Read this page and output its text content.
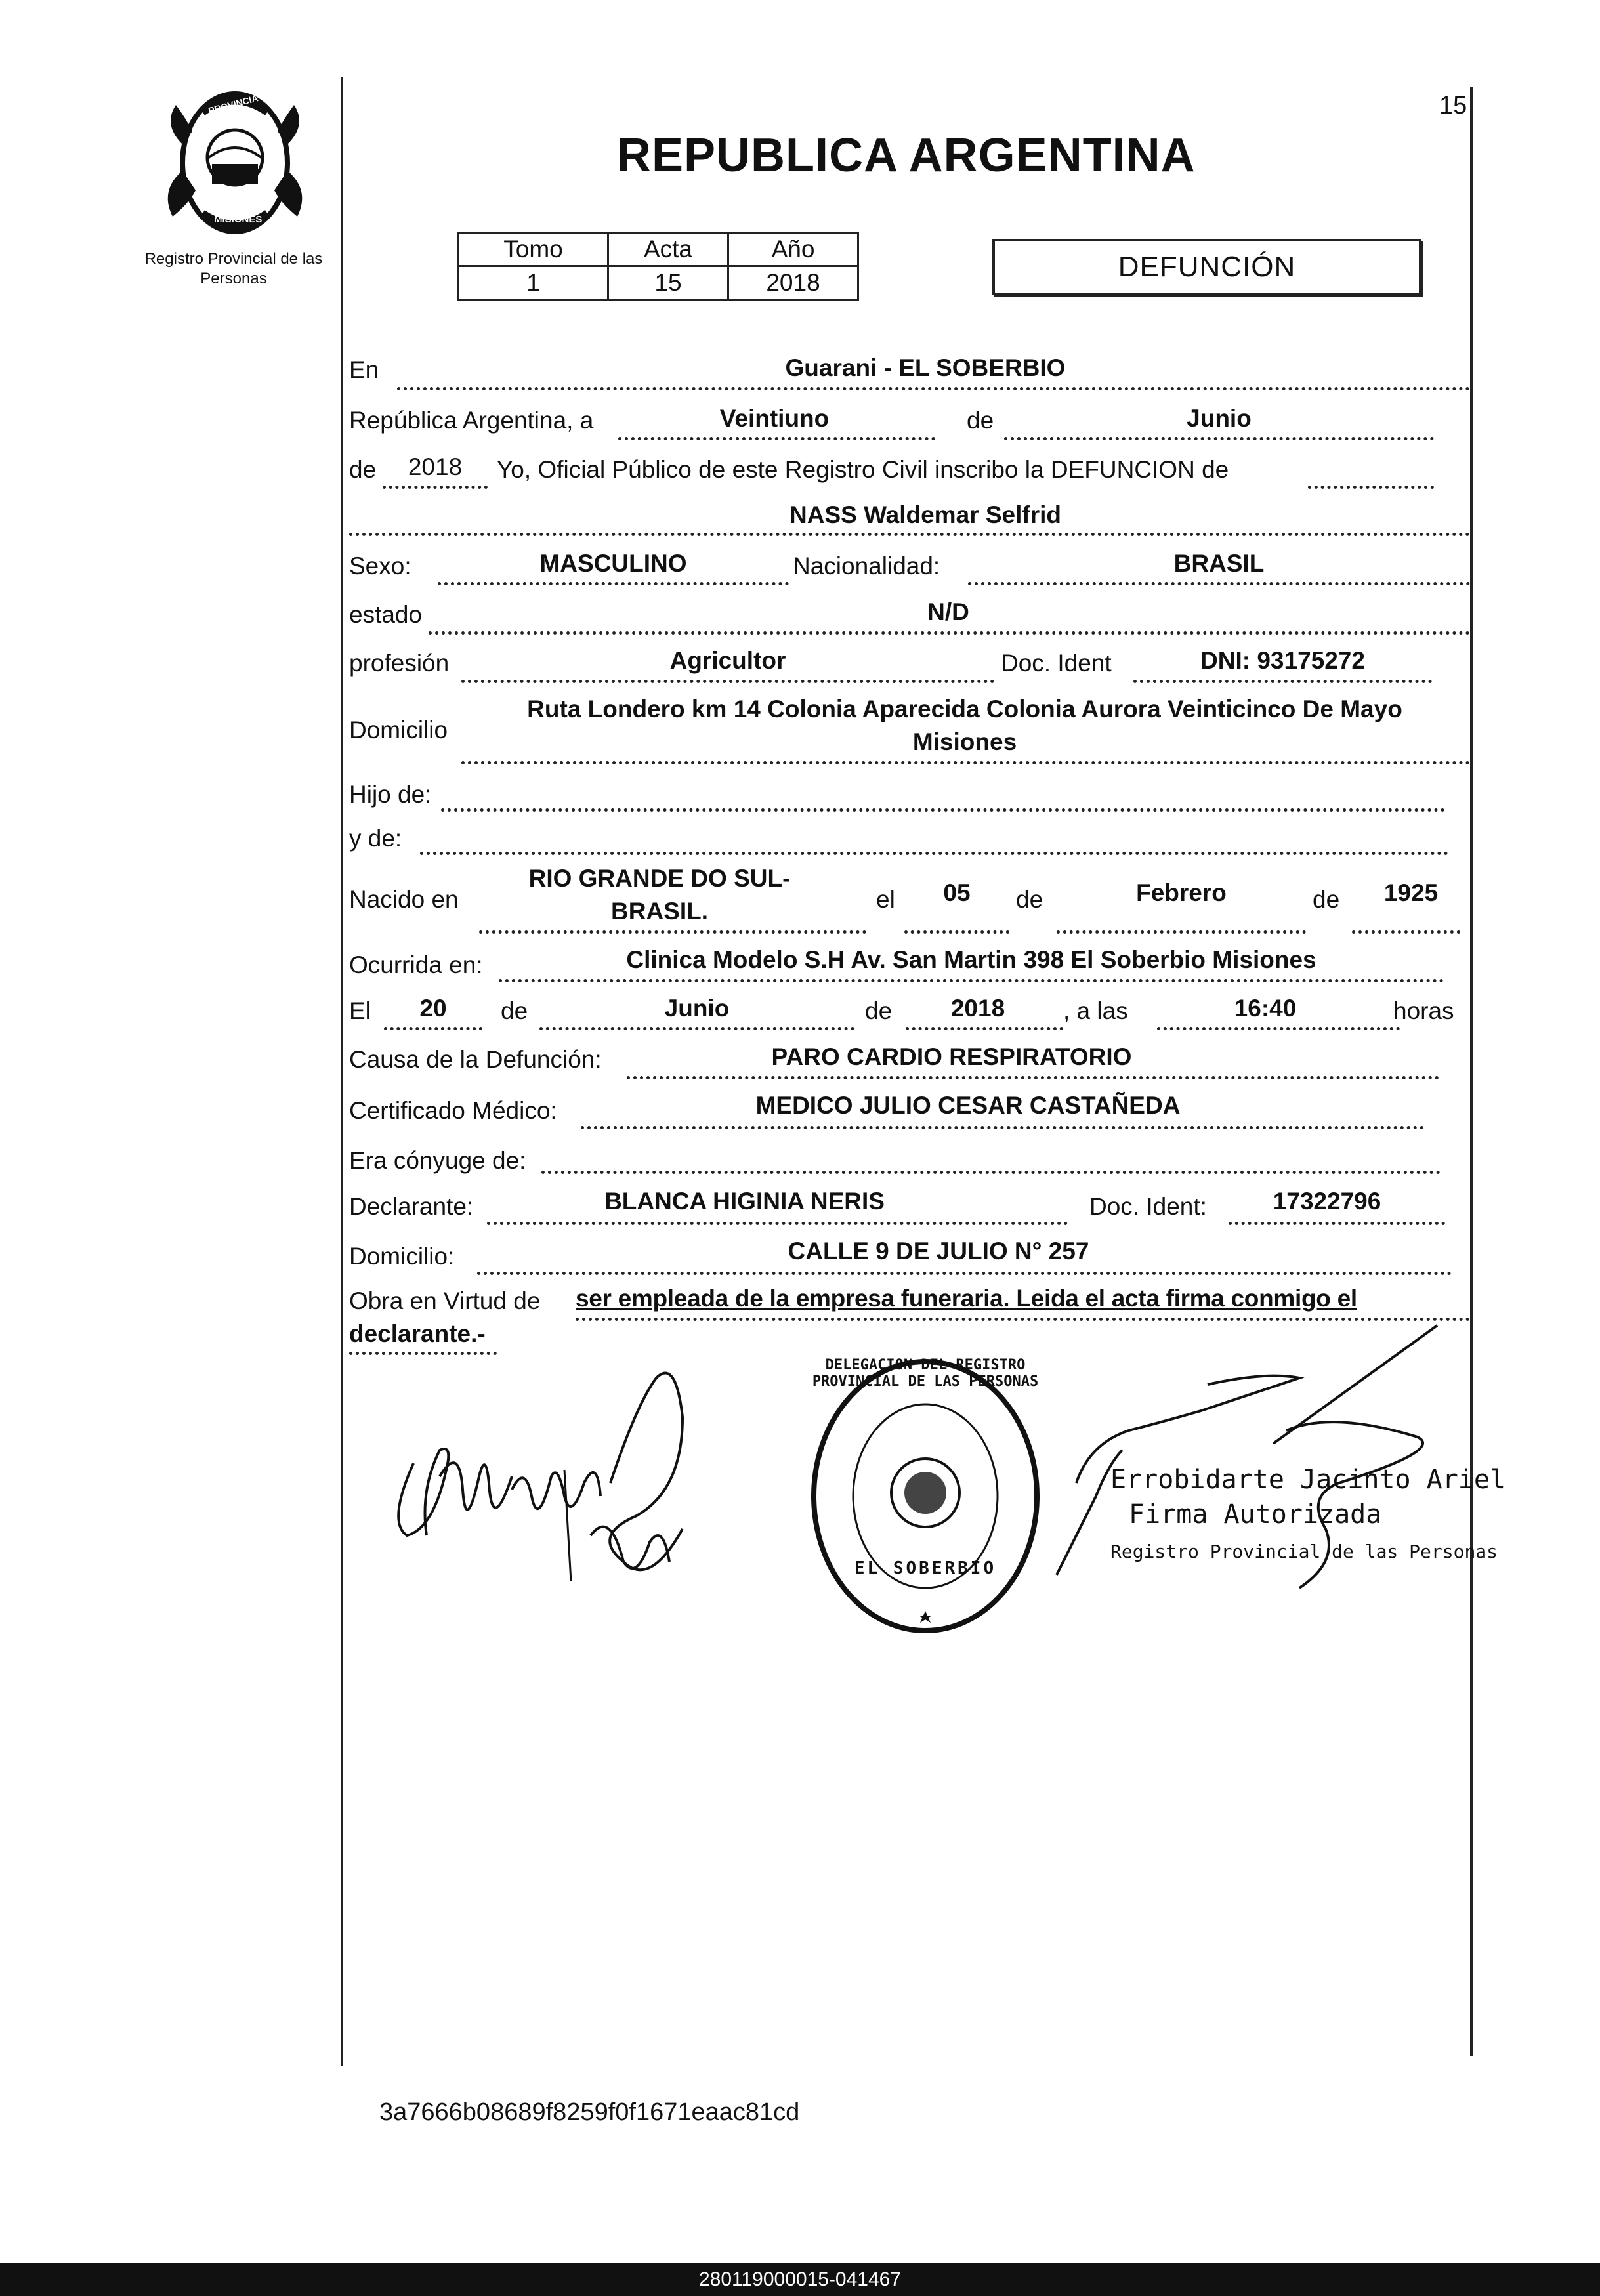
PROVINCIA DE
MISIONES
Registro Provincial de las Personas
15
REPUBLICA ARGENTINA
Tomo	Acta	Año
1	15	2018	DEFUNCIÓN
En	Guarani - EL SOBERBIO
República Argentina, a	Veintiuno	de	Junio
de	2018	Yo, Oficial Público de este Registro Civil inscribo la DEFUNCION de
NASS Waldemar Selfrid
Sexo:	MASCULINO	Nacionalidad:	BRASIL
estado	N/D
profesión	Agricultor	Doc. Ident	DNI: 93175272
Domicilio
Ruta Londero km 14 Colonia Aparecida Colonia Aurora Veinticinco De Mayo
Misiones
Hijo de:
y de:
Nacido en
RIO GRANDE DO SUL-
BRASIL.	el	05	de	Febrero	de	1925
Ocurrida en:	Clinica Modelo S.H Av. San Martin 398 El Soberbio Misiones
El	20	de	Junio	de	2018	, a las	16:40	horas
Causa de la Defunción:	PARO CARDIO RESPIRATORIO
Certificado Médico:	MEDICO JULIO CESAR CASTAÑEDA
Era cónyuge de:
Declarante:	BLANCA HIGINIA NERIS	Doc. Ident:	17322796
Domicilio:	CALLE 9 DE JULIO N° 257
Obra en Virtud de ser empleada de la empresa funeraria. Leida el acta firma conmigo el
declarante.-
DELEGACION DEL REGISTRO PROVINCIAL DE LAS PERSONAS
EL SOBERBIO
Errobidarte Jacinto Ariel
Firma Autorizada
Registro Provincial de las Personas
3a7666b08689f8259f0f1671eaac81cd
280119000015-041467
